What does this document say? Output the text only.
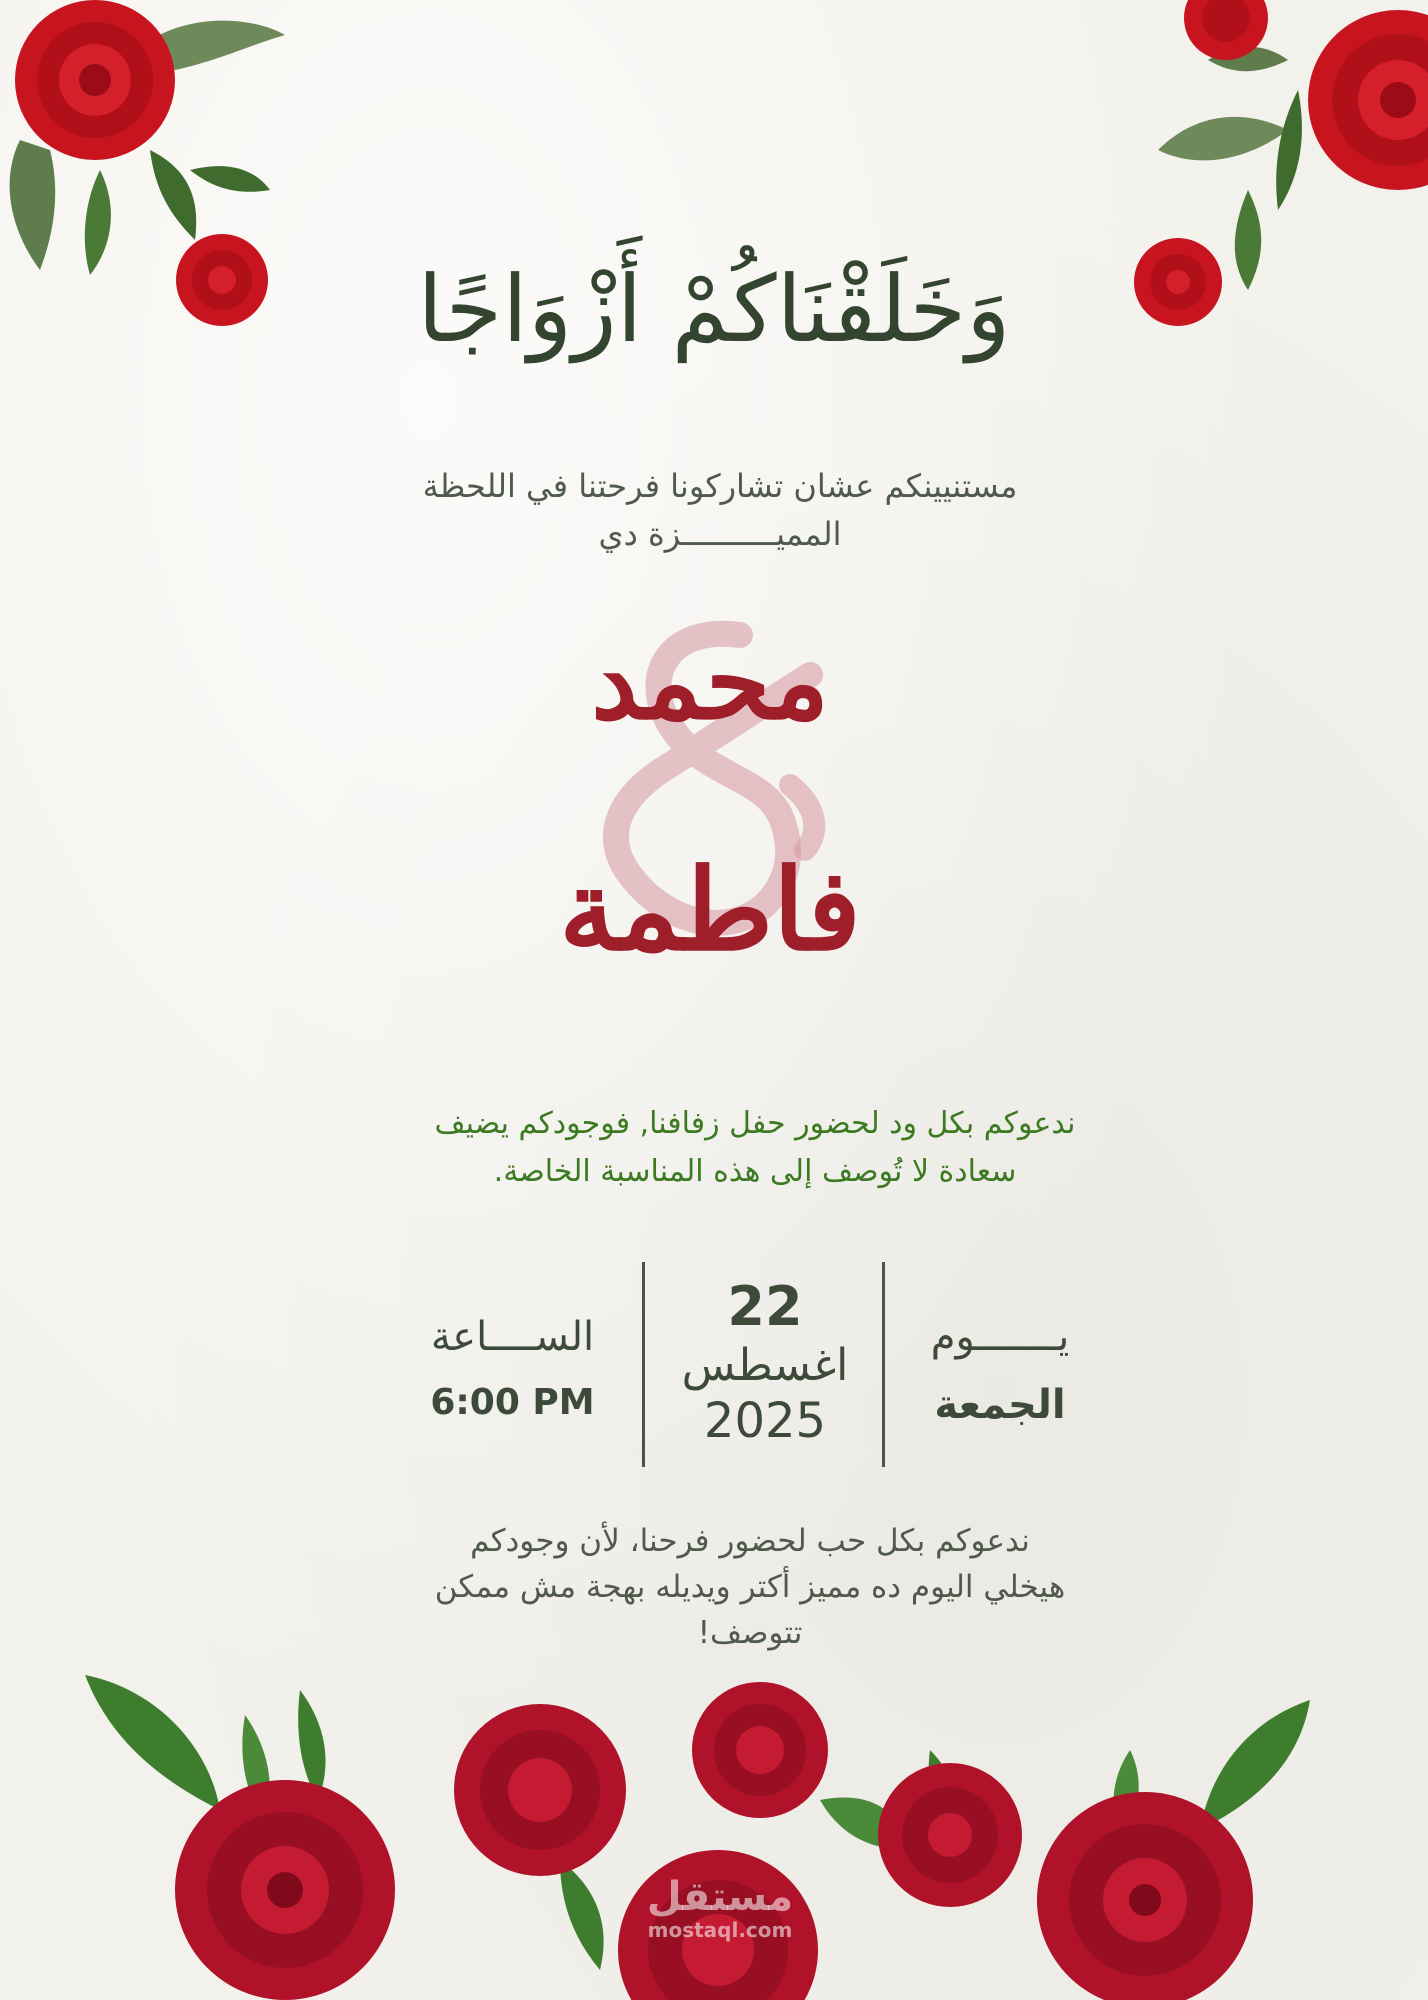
وَخَلَقْنَاكُمْ أَزْوَاجًا
مستنيينكم عشان تشاركونا فرحتنا في اللحظة
المميــــــــــزة دي
محمد
فاطمة
ندعوكم بكل ود لحضور حفل زفافنا, فوجودكم يضيف
سعادة لا تُوصف إلى هذه المناسبة الخاصة.
يـــــــوم
الجمعة
22
اغسطس
2025
الســــاعة
6:00 PM
ندعوكم بكل حب لحضور فرحنا، لأن وجودكم
هيخلي اليوم ده مميز أكتر ويديله بهجة مش ممكن
تتوصف!
مستقل
mostaql.com
